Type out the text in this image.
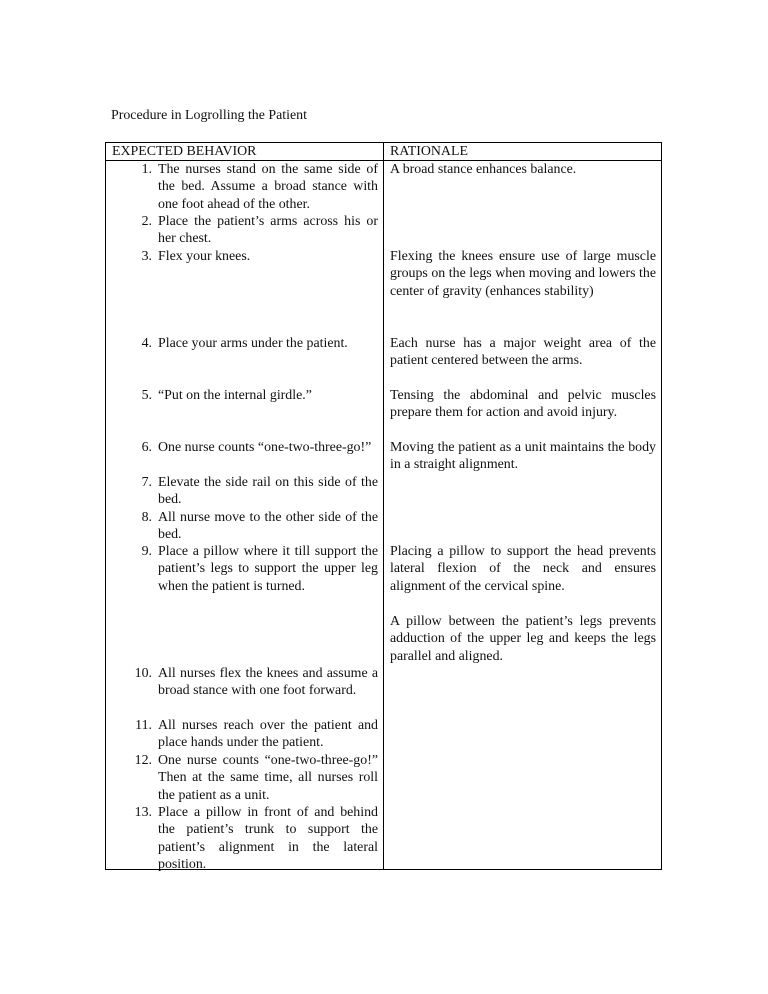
Procedure in Logrolling the Patient
EXPECTED BEHAVIOR	RATIONALE
1. The nurses stand on the same side of the bed. Assume a broad stance with one foot ahead of the other.
2. Place the patient’s arms across his or her chest.
3. Flex your knees.
4. Place your arms under the patient.
5. “Put on the internal girdle.”
6. One nurse counts “one-two-three-go!”
7. Elevate the side rail on this side of the bed.
8. All nurse move to the other side of the bed.
9. Place a pillow where it till support the patient’s legs to support the upper leg when the patient is turned.
10. All nurses flex the knees and assume a broad stance with one foot forward.
11. All nurses reach over the patient and place hands under the patient.
12. One nurse counts “one-two-three-go!” Then at the same time, all nurses roll the patient as a unit.
13. Place a pillow in front of and behind the patient’s trunk to support the patient’s alignment in the lateral position.
A broad stance enhances balance.
Flexing the knees ensure use of large muscle groups on the legs when moving and lowers the center of gravity (enhances stability)
Each nurse has a major weight area of the patient centered between the arms.
Tensing the abdominal and pelvic muscles prepare them for action and avoid injury.
Moving the patient as a unit maintains the body in a straight alignment.
Placing a pillow to support the head prevents lateral flexion of the neck and ensures alignment of the cervical spine.
A pillow between the patient’s legs prevents adduction of the upper leg and keeps the legs parallel and aligned.
